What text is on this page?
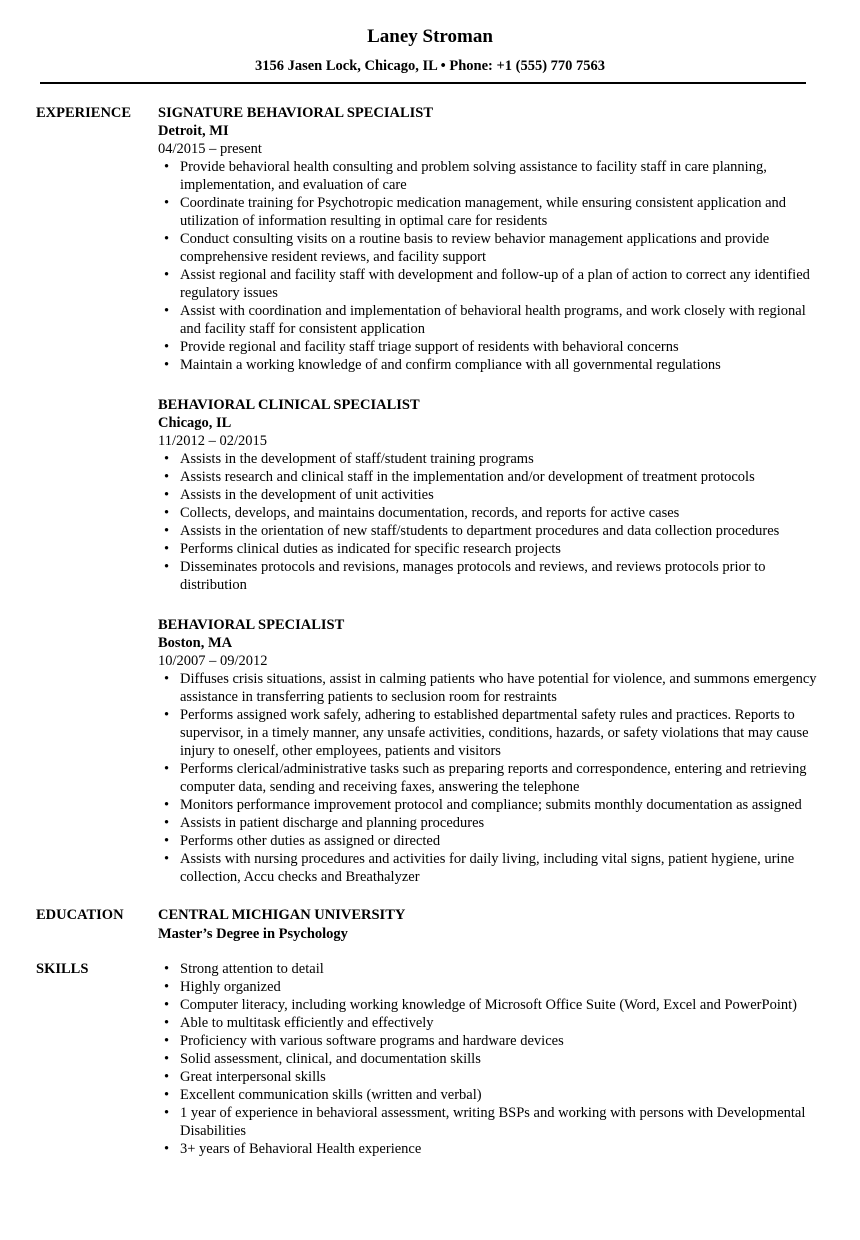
Laney Stroman
3156 Jasen Lock, Chicago, IL • Phone: +1 (555) 770 7563
EXPERIENCE SIGNATURE BEHAVIORAL SPECIALIST
Detroit, MI
04/2015 – present
• Provide behavioral health consulting and problem solving assistance to facility staff in care planning, implementation, and evaluation of care
• Coordinate training for Psychotropic medication management, while ensuring consistent application and utilization of information resulting in optimal care for residents
• Conduct consulting visits on a routine basis to review behavior management applications and provide comprehensive resident reviews, and facility support
• Assist regional and facility staff with development and follow-up of a plan of action to correct any identified regulatory issues
• Assist with coordination and implementation of behavioral health programs, and work closely with regional and facility staff for consistent application
• Provide regional and facility staff triage support of residents with behavioral concerns
• Maintain a working knowledge of and confirm compliance with all governmental regulations
BEHAVIORAL CLINICAL SPECIALIST
Chicago, IL
11/2012 – 02/2015
• Assists in the development of staff/student training programs
• Assists research and clinical staff in the implementation and/or development of treatment protocols
• Assists in the development of unit activities
• Collects, develops, and maintains documentation, records, and reports for active cases
• Assists in the orientation of new staff/students to department procedures and data collection procedures
• Performs clinical duties as indicated for specific research projects
• Disseminates protocols and revisions, manages protocols and reviews, and reviews protocols prior to distribution
BEHAVIORAL SPECIALIST
Boston, MA
10/2007 – 09/2012
• Diffuses crisis situations, assist in calming patients who have potential for violence, and summons emergency assistance in transferring patients to seclusion room for restraints
• Performs assigned work safely, adhering to established departmental safety rules and practices. Reports to supervisor, in a timely manner, any unsafe activities, conditions, hazards, or safety violations that may cause injury to oneself, other employees, patients and visitors
• Performs clerical/administrative tasks such as preparing reports and correspondence, entering and retrieving computer data, sending and receiving faxes, answering the telephone
• Monitors performance improvement protocol and compliance; submits monthly documentation as assigned
• Assists in patient discharge and planning procedures
• Performs other duties as assigned or directed
• Assists with nursing procedures and activities for daily living, including vital signs, patient hygiene, urine collection, Accu checks and Breathalyzer
EDUCATION CENTRAL MICHIGAN UNIVERSITY
Master’s Degree in Psychology
SKILLS
•	Strong attention to detail
• Highly organized
• Computer literacy, including working knowledge of Microsoft Office Suite (Word, Excel and PowerPoint)
• Able to multitask efficiently and effectively
• Proficiency with various software programs and hardware devices
• Solid assessment, clinical, and documentation skills
• Great interpersonal skills
• Excellent communication skills (written and verbal)
• 1 year of experience in behavioral assessment, writing BSPs and working with persons with Developmental Disabilities
• 3+ years of Behavioral Health experience
